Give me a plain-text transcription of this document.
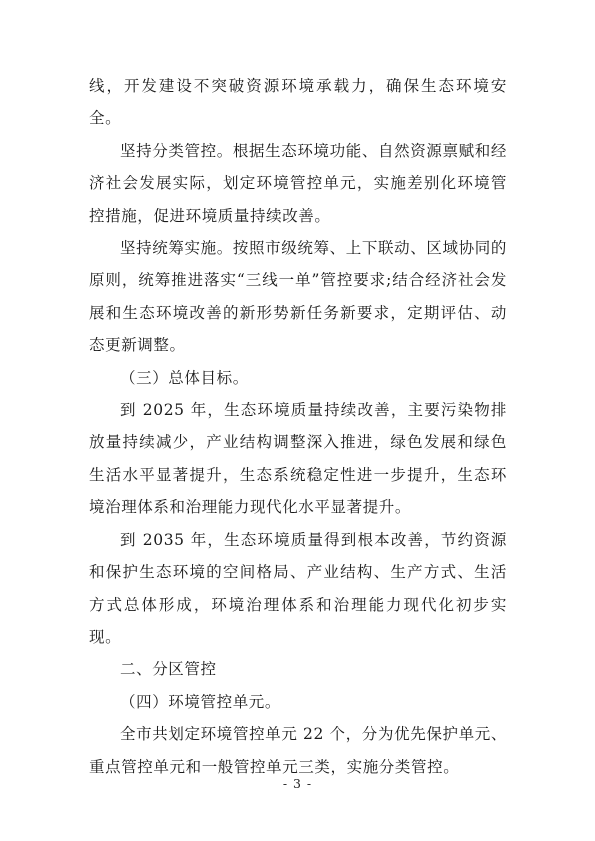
线，开发建设不突破资源环境承载力，确保生态环境安全。

坚持分类管控。根据生态环境功能、自然资源禀赋和经济社会发展实际，划定环境管控单元，实施差别化环境管控措施，促进环境质量持续改善。

坚持统筹实施。按照市级统筹、上下联动、区域协同的原则，统筹推进落实“三线一单”管控要求;结合经济社会发展和生态环境改善的新形势新任务新要求，定期评估、动态更新调整。

（三）总体目标。

到 2025 年，生态环境质量持续改善，主要污染物排放量持续减少，产业结构调整深入推进，绿色发展和绿色生活水平显著提升，生态系统稳定性进一步提升，生态环境治理体系和治理能力现代化水平显著提升。

到 2035 年，生态环境质量得到根本改善，节约资源和保护生态环境的空间格局、产业结构、生产方式、生活方式总体形成，环境治理体系和治理能力现代化初步实现。

二、分区管控

（四）环境管控单元。

全市共划定环境管控单元 22 个，分为优先保护单元、重点管控单元和一般管控单元三类，实施分类管控。

- 3 -
